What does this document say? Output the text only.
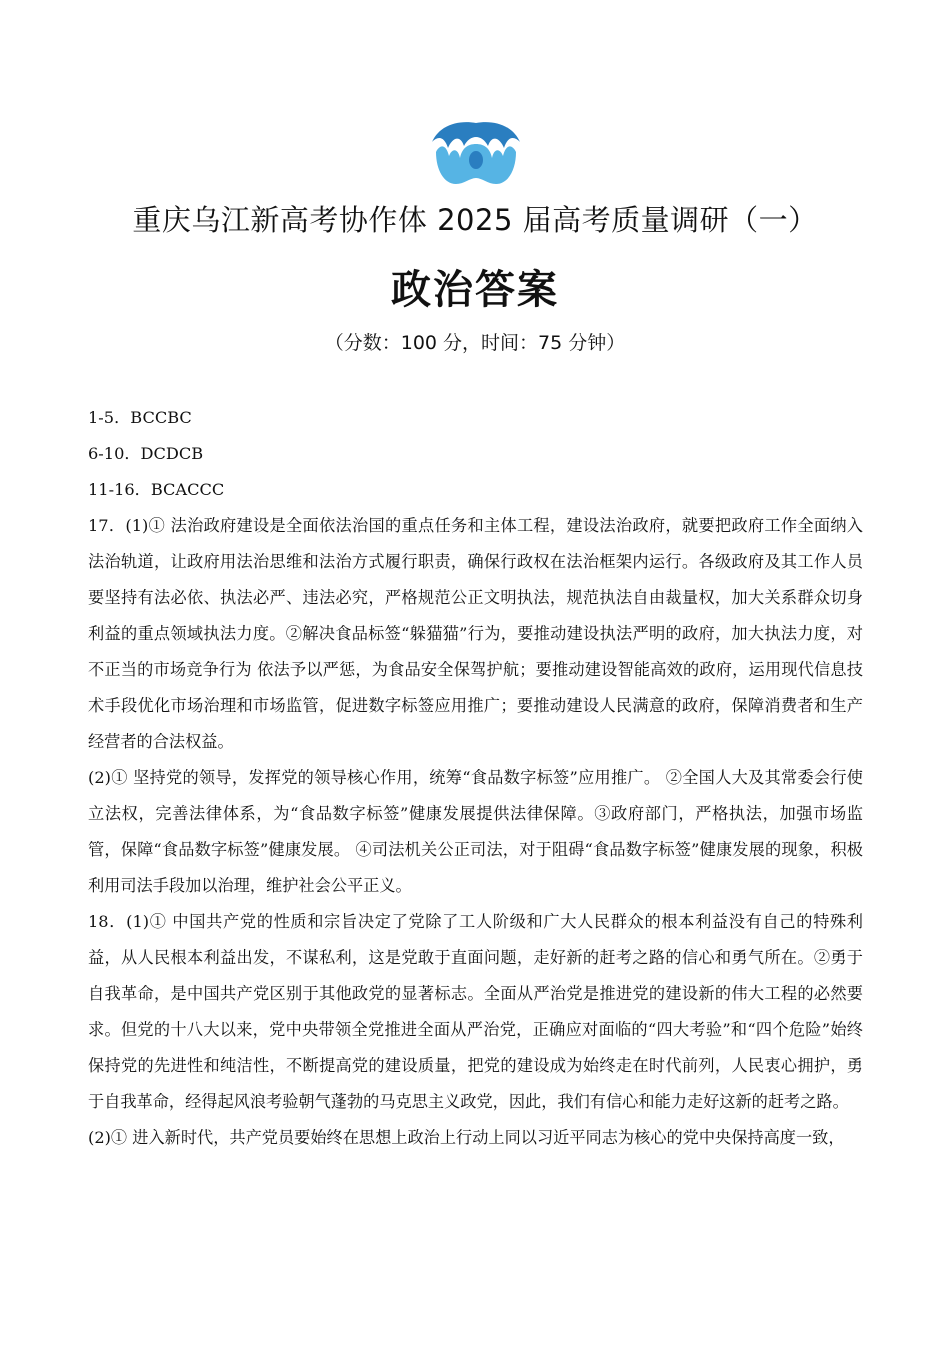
重庆乌江新高考协作体 2025 届高考质量调研（一）
政治答案
（分数：100 分，时间：75 分钟）

1-5．BCCBC

6-10．DCDCB

11-16．BCACCC

17．(1)① 法治政府建设是全面依法治国的重点任务和主体工程，建设法治政府，就要把政府工作全面纳入法治轨道，让政府用法治思维和法治方式履行职责，确保行政权在法治框架内运行。各级政府及其工作人员要坚持有法必依、执法必严、违法必究，严格规范公正文明执法，规范执法自由裁量权，加大关系群众切身利益的重点领域执法力度。②解决食品标签“躲猫猫”行为，要推动建设执法严明的政府，加大执法力度，对不正当的市场竞争行为 依法予以严惩，为食品安全保驾护航；要推动建设智能高效的政府，运用现代信息技术手段优化市场治理和市场监管，促进数字标签应用推广；要推动建设人民满意的政府，保障消费者和生产经营者的合法权益。

(2)① 坚持党的领导，发挥党的领导核心作用，统筹“食品数字标签”应用推广。 ②全国人大及其常委会行使立法权，完善法律体系，为“食品数字标签”健康发展提供法律保障。③政府部门，严格执法，加强市场监管，保障“食品数字标签”健康发展。 ④司法机关公正司法，对于阻碍“食品数字标签”健康发展的现象，积极利用司法手段加以治理，维护社会公平正义。

18．(1)① 中国共产党的性质和宗旨决定了党除了工人阶级和广大人民群众的根本利益没有自己的特殊利益，从人民根本利益出发，不谋私利，这是党敢于直面问题，走好新的赶考之路的信心和勇气所在。②勇于自我革命，是中国共产党区别于其他政党的显著标志。全面从严治党是推进党的建设新的伟大工程的必然要求。但党的十八大以来，党中央带领全党推进全面从严治党，正确应对面临的“四大考验”和“四个危险”始终保持党的先进性和纯洁性，不断提高党的建设质量，把党的建设成为始终走在时代前列，人民衷心拥护，勇于自我革命，经得起风浪考验朝气蓬勃的马克思主义政党，因此，我们有信心和能力走好这新的赶考之路。

(2)① 进入新时代，共产党员要始终在思想上政治上行动上同以习近平同志为核心的党中央保持高度一致，
